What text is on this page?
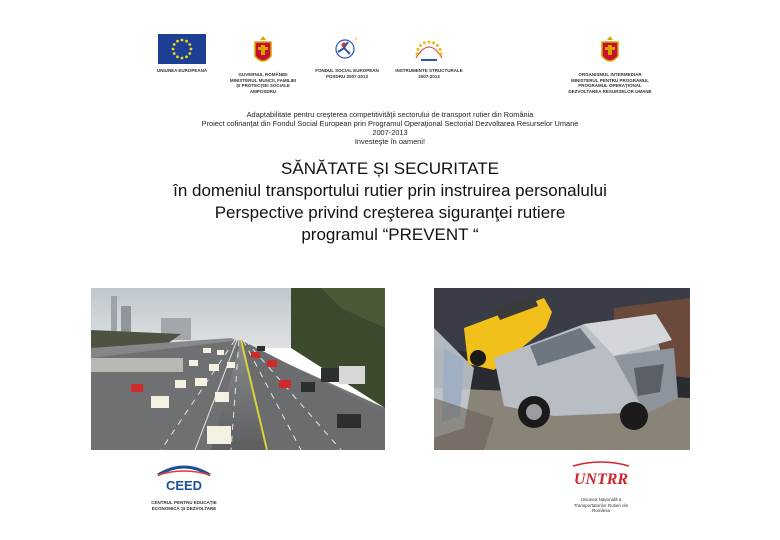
UNIUNEA EUROPEANĂ
GUVERNUL ROMÂNIEI
MINISTERUL MUNCII, FAMILIEI
ŞI PROTECŢIEI SOCIALE
AMPOSDRU
FONDUL SOCIAL EUROPEAN
POSDRU 2007-2013
INSTRUMENTE STRUCTURALE
2007-2013	ORGANISMUL INTERMEDIAR
MINISTERUL PENTRU PROGRAMUL
PROGRAMUL OPERAŢIONAL
DEZVOLTAREA RESURSELOR UMANE
Adaptabilitate pentru creşterea competitivităţii sectorului de transport rutier din România
Proiect cofinanţat din Fondul Social European prin Programul Operaţional Sectorial Dezvoltarea Resurselor Umane
2007-2013
Investeşte în oameni!
SĂNĂTATE ȘI SECURITATE
în domeniul transportului rutier prin instruirea personalului
Perspective privind creşterea siguranţei rutiere
programul “PREVENT “
CEED
CENTRUL PENTRU EDUCAŢIE
ECONOMICĂ ŞI DEZVOLTARE
UNTRR
Uniunea Naţională a
Transportatorilor Rutieri din
România
